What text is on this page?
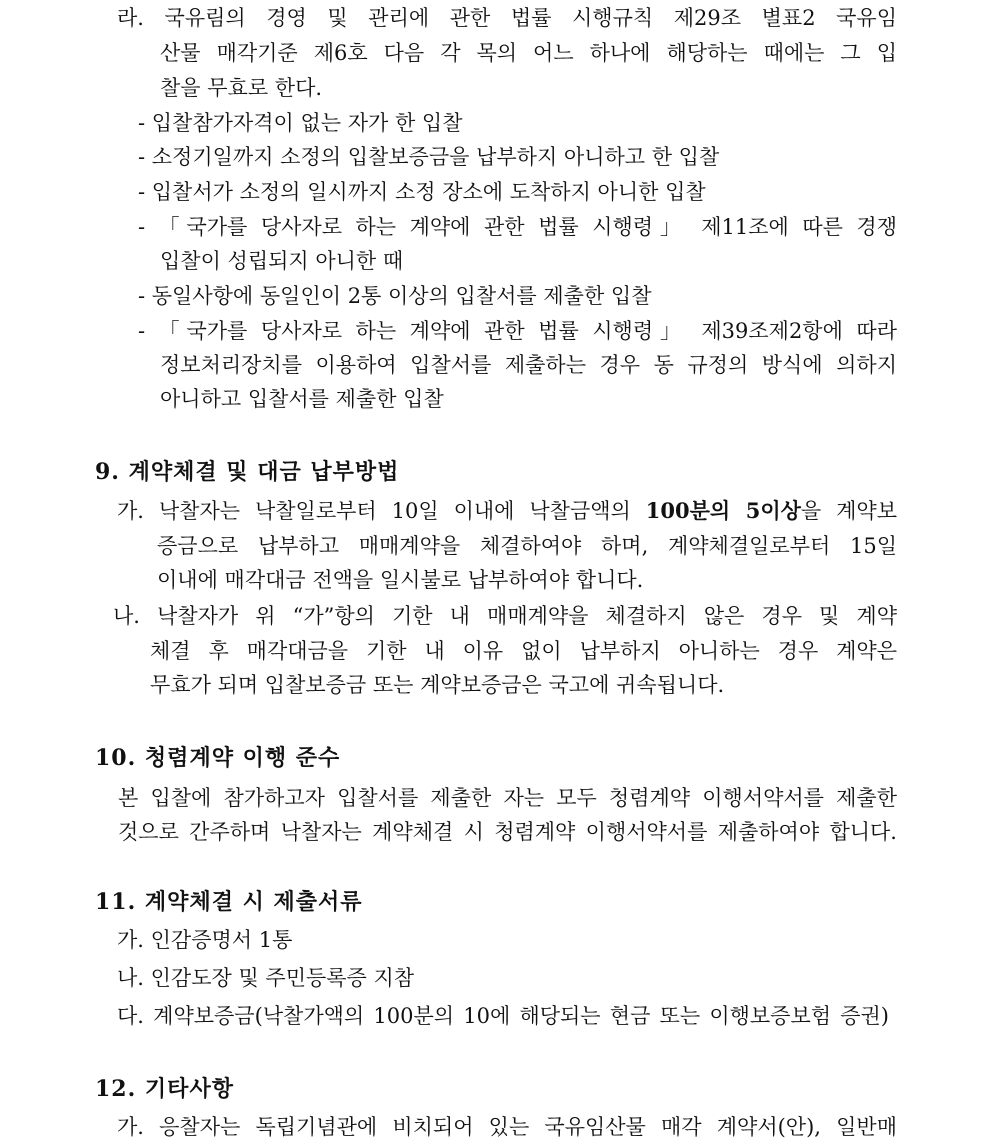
라. 국유림의 경영 및 관리에 관한 법률 시행규칙 제29조 별표2 국유임
산물 매각기준 제6호 다음 각 목의 어느 하나에 해당하는 때에는 그 입
찰을 무효로 한다.
- 입찰참가자격이 없는 자가 한 입찰
- 소정기일까지 소정의 입찰보증금을 납부하지 아니하고 한 입찰
- 입찰서가 소정의 일시까지 소정 장소에 도착하지 아니한 입찰
- 「국가를 당사자로 하는 계약에 관한 법률 시행령」 제11조에 따른 경쟁
입찰이 성립되지 아니한 때
- 동일사항에 동일인이 2통 이상의 입찰서를 제출한 입찰
- 「국가를 당사자로 하는 계약에 관한 법률 시행령」 제39조제2항에 따라
정보처리장치를 이용하여 입찰서를 제출하는 경우 동 규정의 방식에 의하지
아니하고 입찰서를 제출한 입찰
9. 계약체결 및 대금 납부방법
가. 낙찰자는 낙찰일로부터 10일 이내에 낙찰금액의 100분의 5이상을 계약보
증금으로 납부하고 매매계약을 체결하여야 하며, 계약체결일로부터 15일
이내에 매각대금 전액을 일시불로 납부하여야 합니다.
나. 낙찰자가 위 “가”항의 기한 내 매매계약을 체결하지 않은 경우 및 계약
체결 후 매각대금을 기한 내 이유 없이 납부하지 아니하는 경우 계약은
무효가 되며 입찰보증금 또는 계약보증금은 국고에 귀속됩니다.
10. 청렴계약 이행 준수
본 입찰에 참가하고자 입찰서를 제출한 자는 모두 청렴계약 이행서약서를 제출한
것으로 간주하며 낙찰자는 계약체결 시 청렴계약 이행서약서를 제출하여야 합니다.
11. 계약체결 시 제출서류
가. 인감증명서 1통
나. 인감도장 및 주민등록증 지참
다. 계약보증금(낙찰가액의 100분의 10에 해당되는 현금 또는 이행보증보험 증권)
12. 기타사항
가. 응찰자는 독립기념관에 비치되어 있는 국유임산물 매각 계약서(안), 일반매
